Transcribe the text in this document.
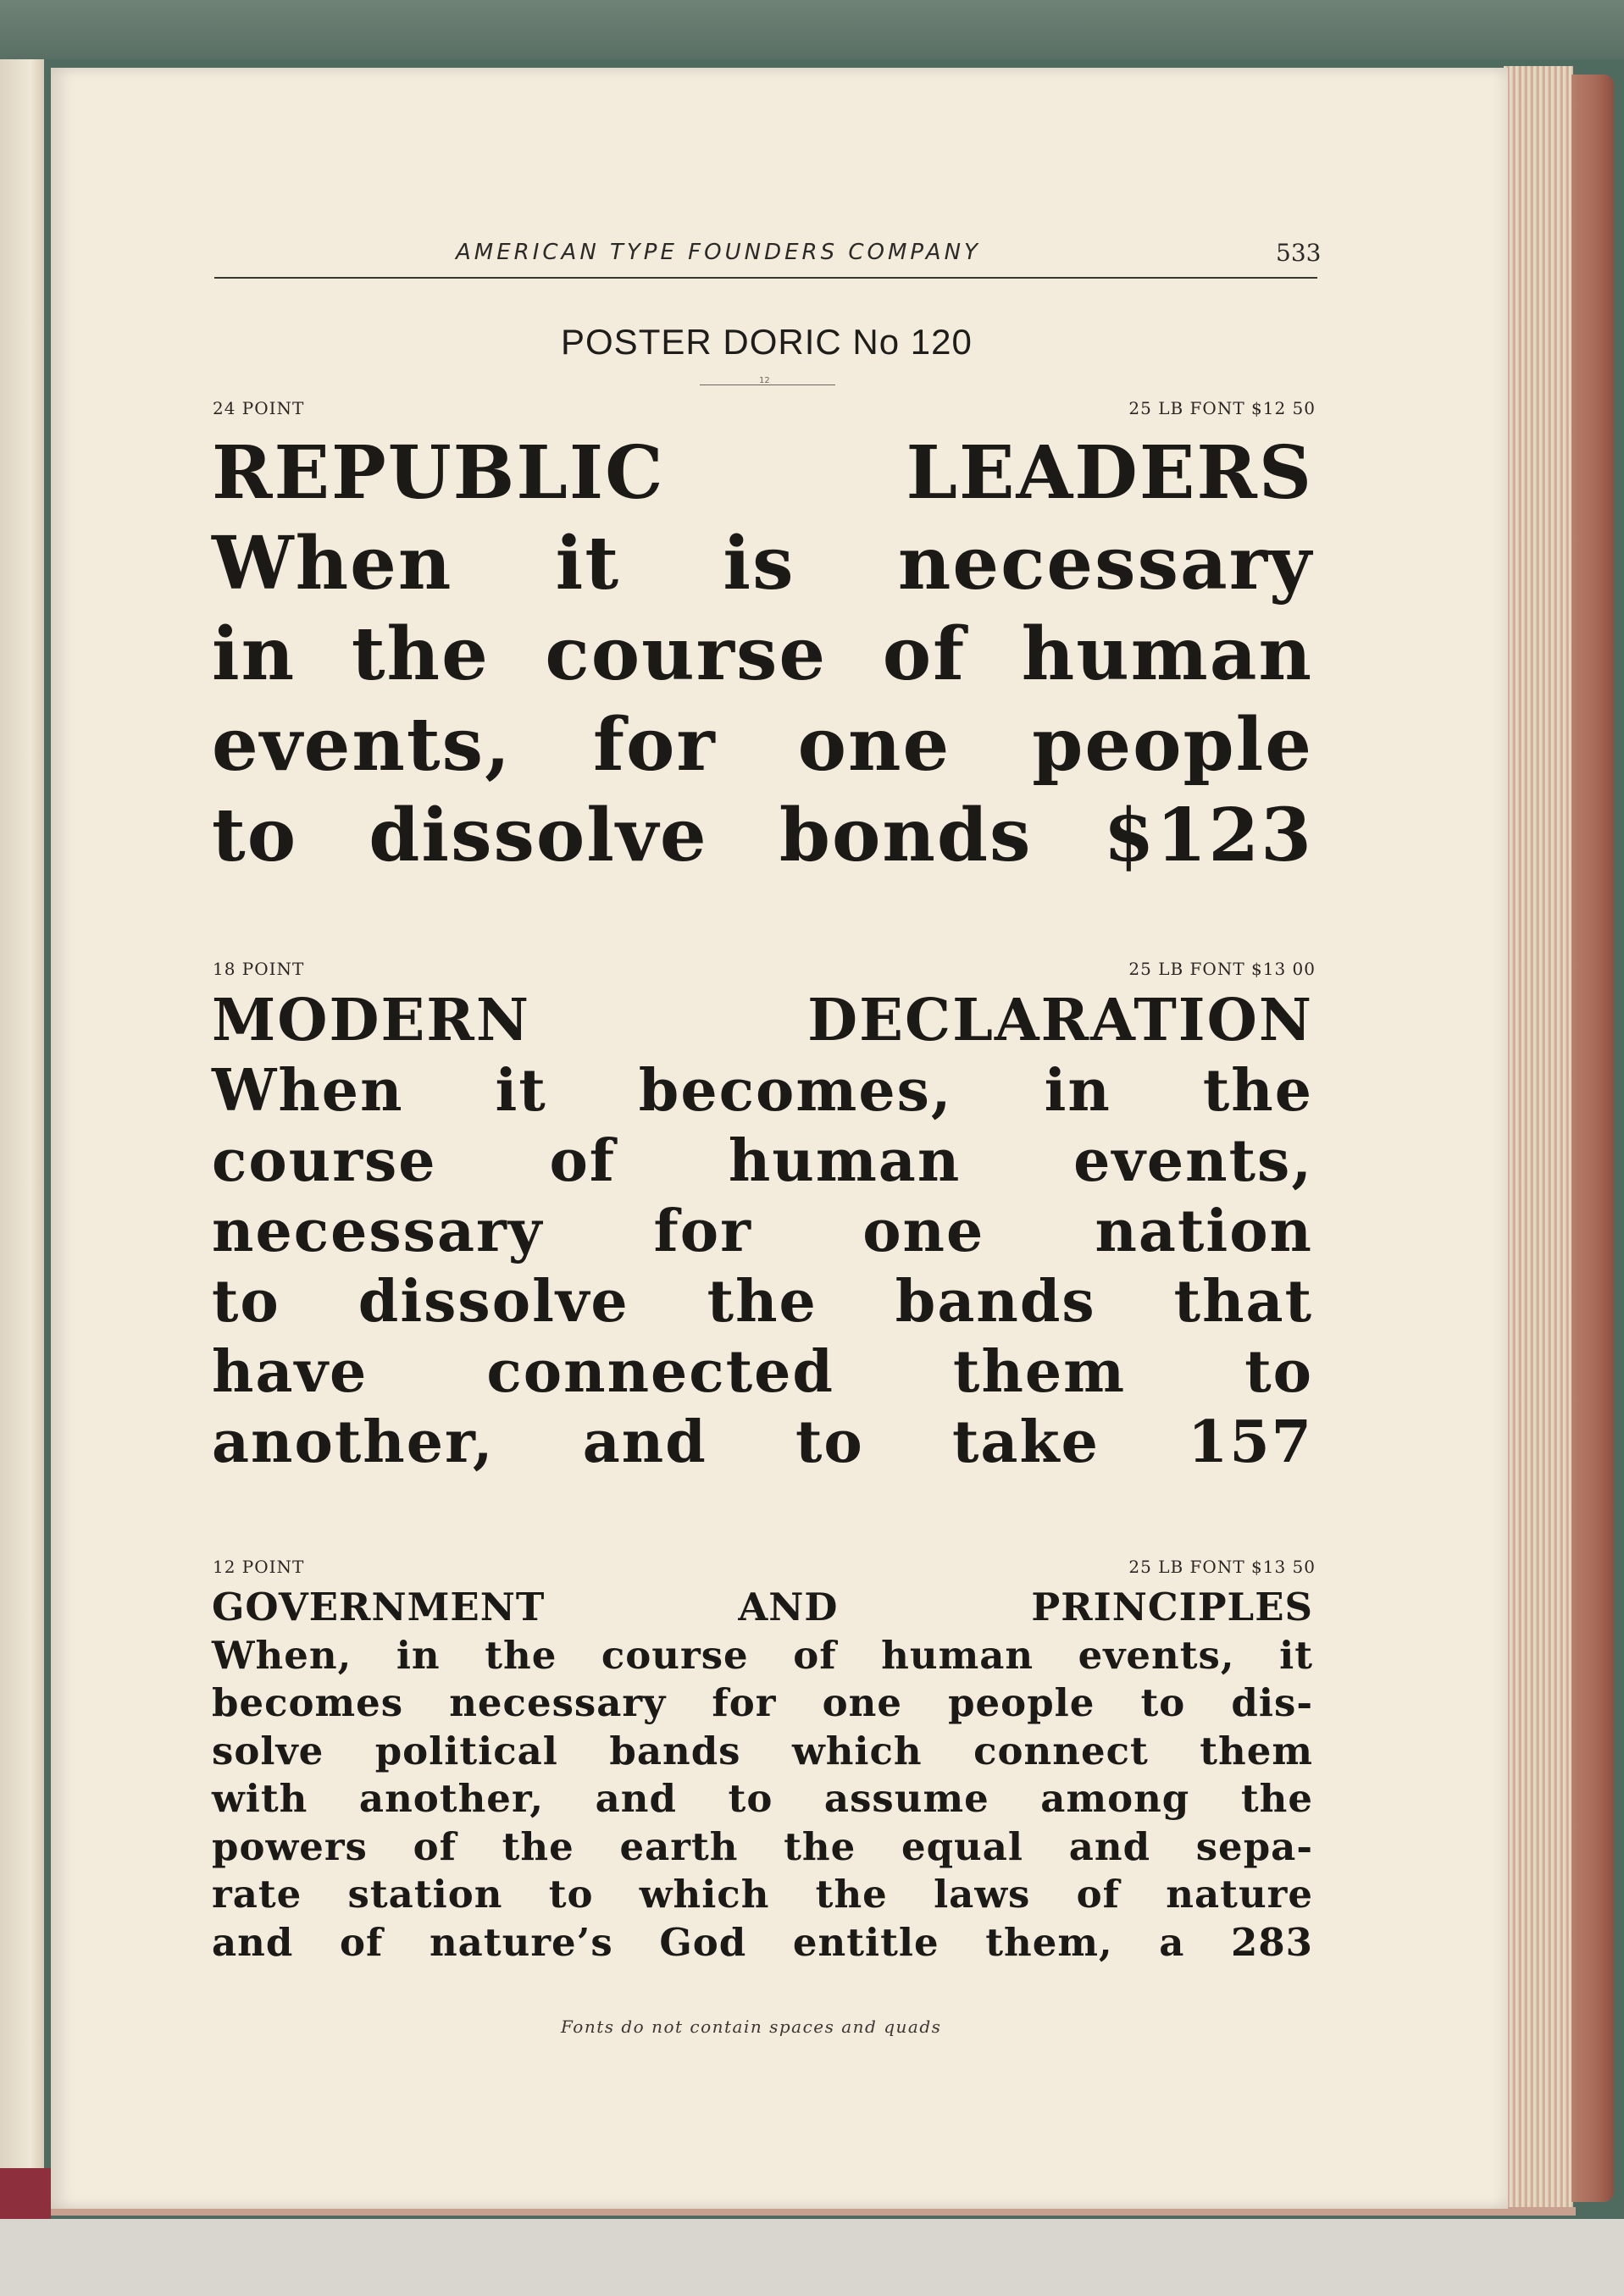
AMERICAN TYPE FOUNDERS COMPANY	533
POSTER DORIC No 120
12
24 POINT	25 LB FONT $12 50
REPUBLIC LEADERS
When it is necessary
in the course of human
events, for one people
to dissolve bonds $123
18 POINT	25 LB FONT $13 00
MODERN DECLARATION
When it becomes, in the
course of human events,
necessary for one nation
to dissolve the bands that
have connected them to
another, and to take 157
12 POINT	25 LB FONT $13 50
GOVERNMENT AND PRINCIPLES
When, in the course of human events, it
becomes necessary for one people to dis-
solve political bands which connect them
with another, and to assume among the
powers of the earth the equal and sepa-
rate station to which the laws of nature
and of nature’s God entitle them, a 283
Fonts do not contain spaces and quads
